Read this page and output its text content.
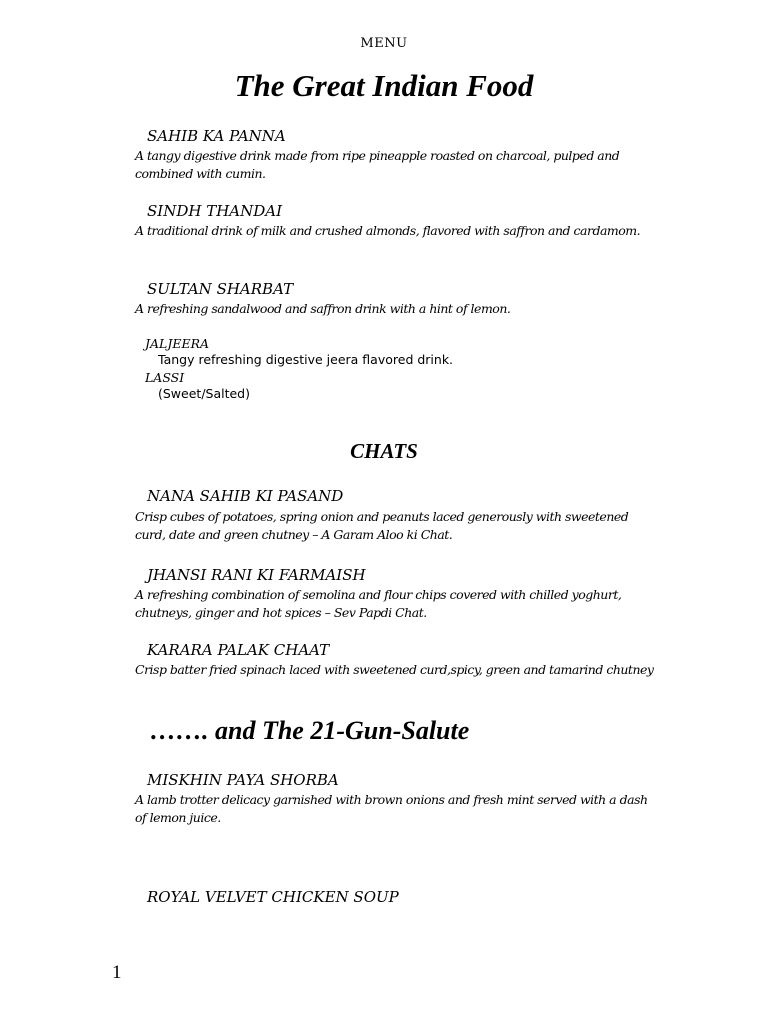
MENU
The Great Indian Food
SAHIB KA PANNA
A tangy digestive drink made from ripe pineapple roasted on charcoal, pulped and combined with cumin.
SINDH THANDAI
A traditional drink of milk and crushed almonds, flavored with saffron and cardamom.
SULTAN SHARBAT
A refreshing sandalwood and saffron drink with a hint of lemon.
JALJEERA
Tangy refreshing digestive jeera flavored drink.
LASSI
(Sweet/Salted)
CHATS
NANA SAHIB KI PASAND
Crisp cubes of potatoes, spring onion and peanuts laced generously with sweetened curd, date and green chutney – A Garam Aloo ki Chat.
JHANSI RANI KI FARMAISH
A refreshing combination of semolina and flour chips covered with chilled yoghurt, chutneys, ginger and hot spices – Sev Papdi Chat.
KARARA PALAK CHAAT
Crisp batter fried spinach laced with sweetened curd,spicy, green and tamarind chutney
……. and The 21-Gun-Salute
MISKHIN PAYA SHORBA
A lamb trotter delicacy garnished with brown onions and fresh mint served with a dash of lemon juice.
ROYAL VELVET CHICKEN SOUP
1
